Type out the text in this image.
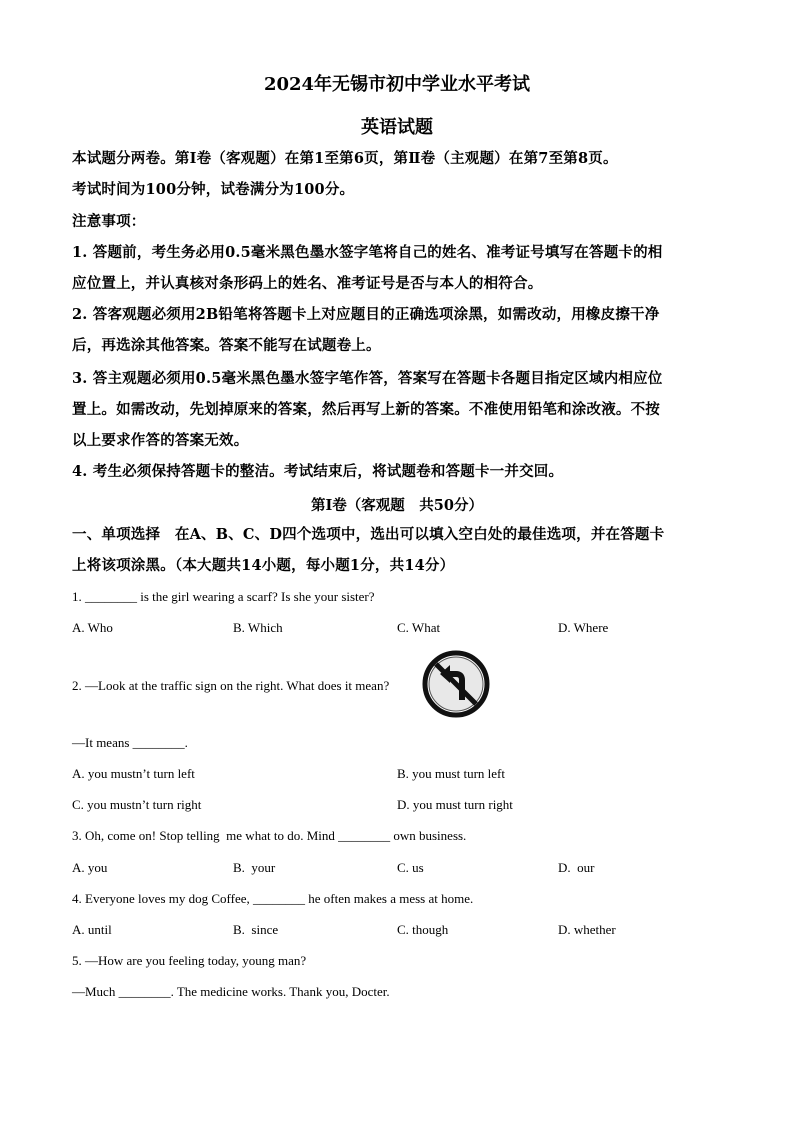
2024年无锡市初中学业水平考试
英语试题
本试题分两卷。第Ⅰ卷（客观题）在第1至第6页，第Ⅱ卷（主观题）在第7至第8页。
考试时间为100分钟，试卷满分为100分。
注意事项：
1. 答题前，考生务必用0.5毫米黑色墨水签字笔将自己的姓名、准考证号填写在答题卡的相
应位置上，并认真核对条形码上的姓名、准考证号是否与本人的相符合。
2. 答客观题必须用2B铅笔将答题卡上对应题目的正确选项涂黑，如需改动，用橡皮擦干净
后，再选涂其他答案。答案不能写在试题卷上。
3. 答主观题必须用0.5毫米黑色墨水签字笔作答，答案写在答题卡各题目指定区域内相应位
置上。如需改动，先划掉原来的答案，然后再写上新的答案。不准使用铅笔和涂改液。不按
以上要求作答的答案无效。
4. 考生必须保持答题卡的整洁。考试结束后，将试题卷和答题卡一并交回。
第Ⅰ卷（客观题　共50分）
一、单项选择　在A、B、C、D四个选项中，选出可以填入空白处的最佳选项，并在答题卡
上将该项涂黑。（本大题共14小题，每小题1分，共14分）
1. ________ is the girl wearing a scarf? Is she your sister?
A. Who	B. Which	C. What	D. Where
2. —Look at the traffic sign on the right. What does it mean?
—It means ________.
A. you mustn’t turn left	B. you must turn left
C. you mustn’t turn right	D. you must turn right
3. Oh, come on! Stop telling  me what to do. Mind ________ own business.
A. you	B.  your	C. us	D.  our
4. Everyone loves my dog Coffee, ________ he often makes a mess at home.
A. until	B.  since	C. though	D. whether
5. —How are you feeling today, young man?
—Much ________. The medicine works. Thank you, Docter.
